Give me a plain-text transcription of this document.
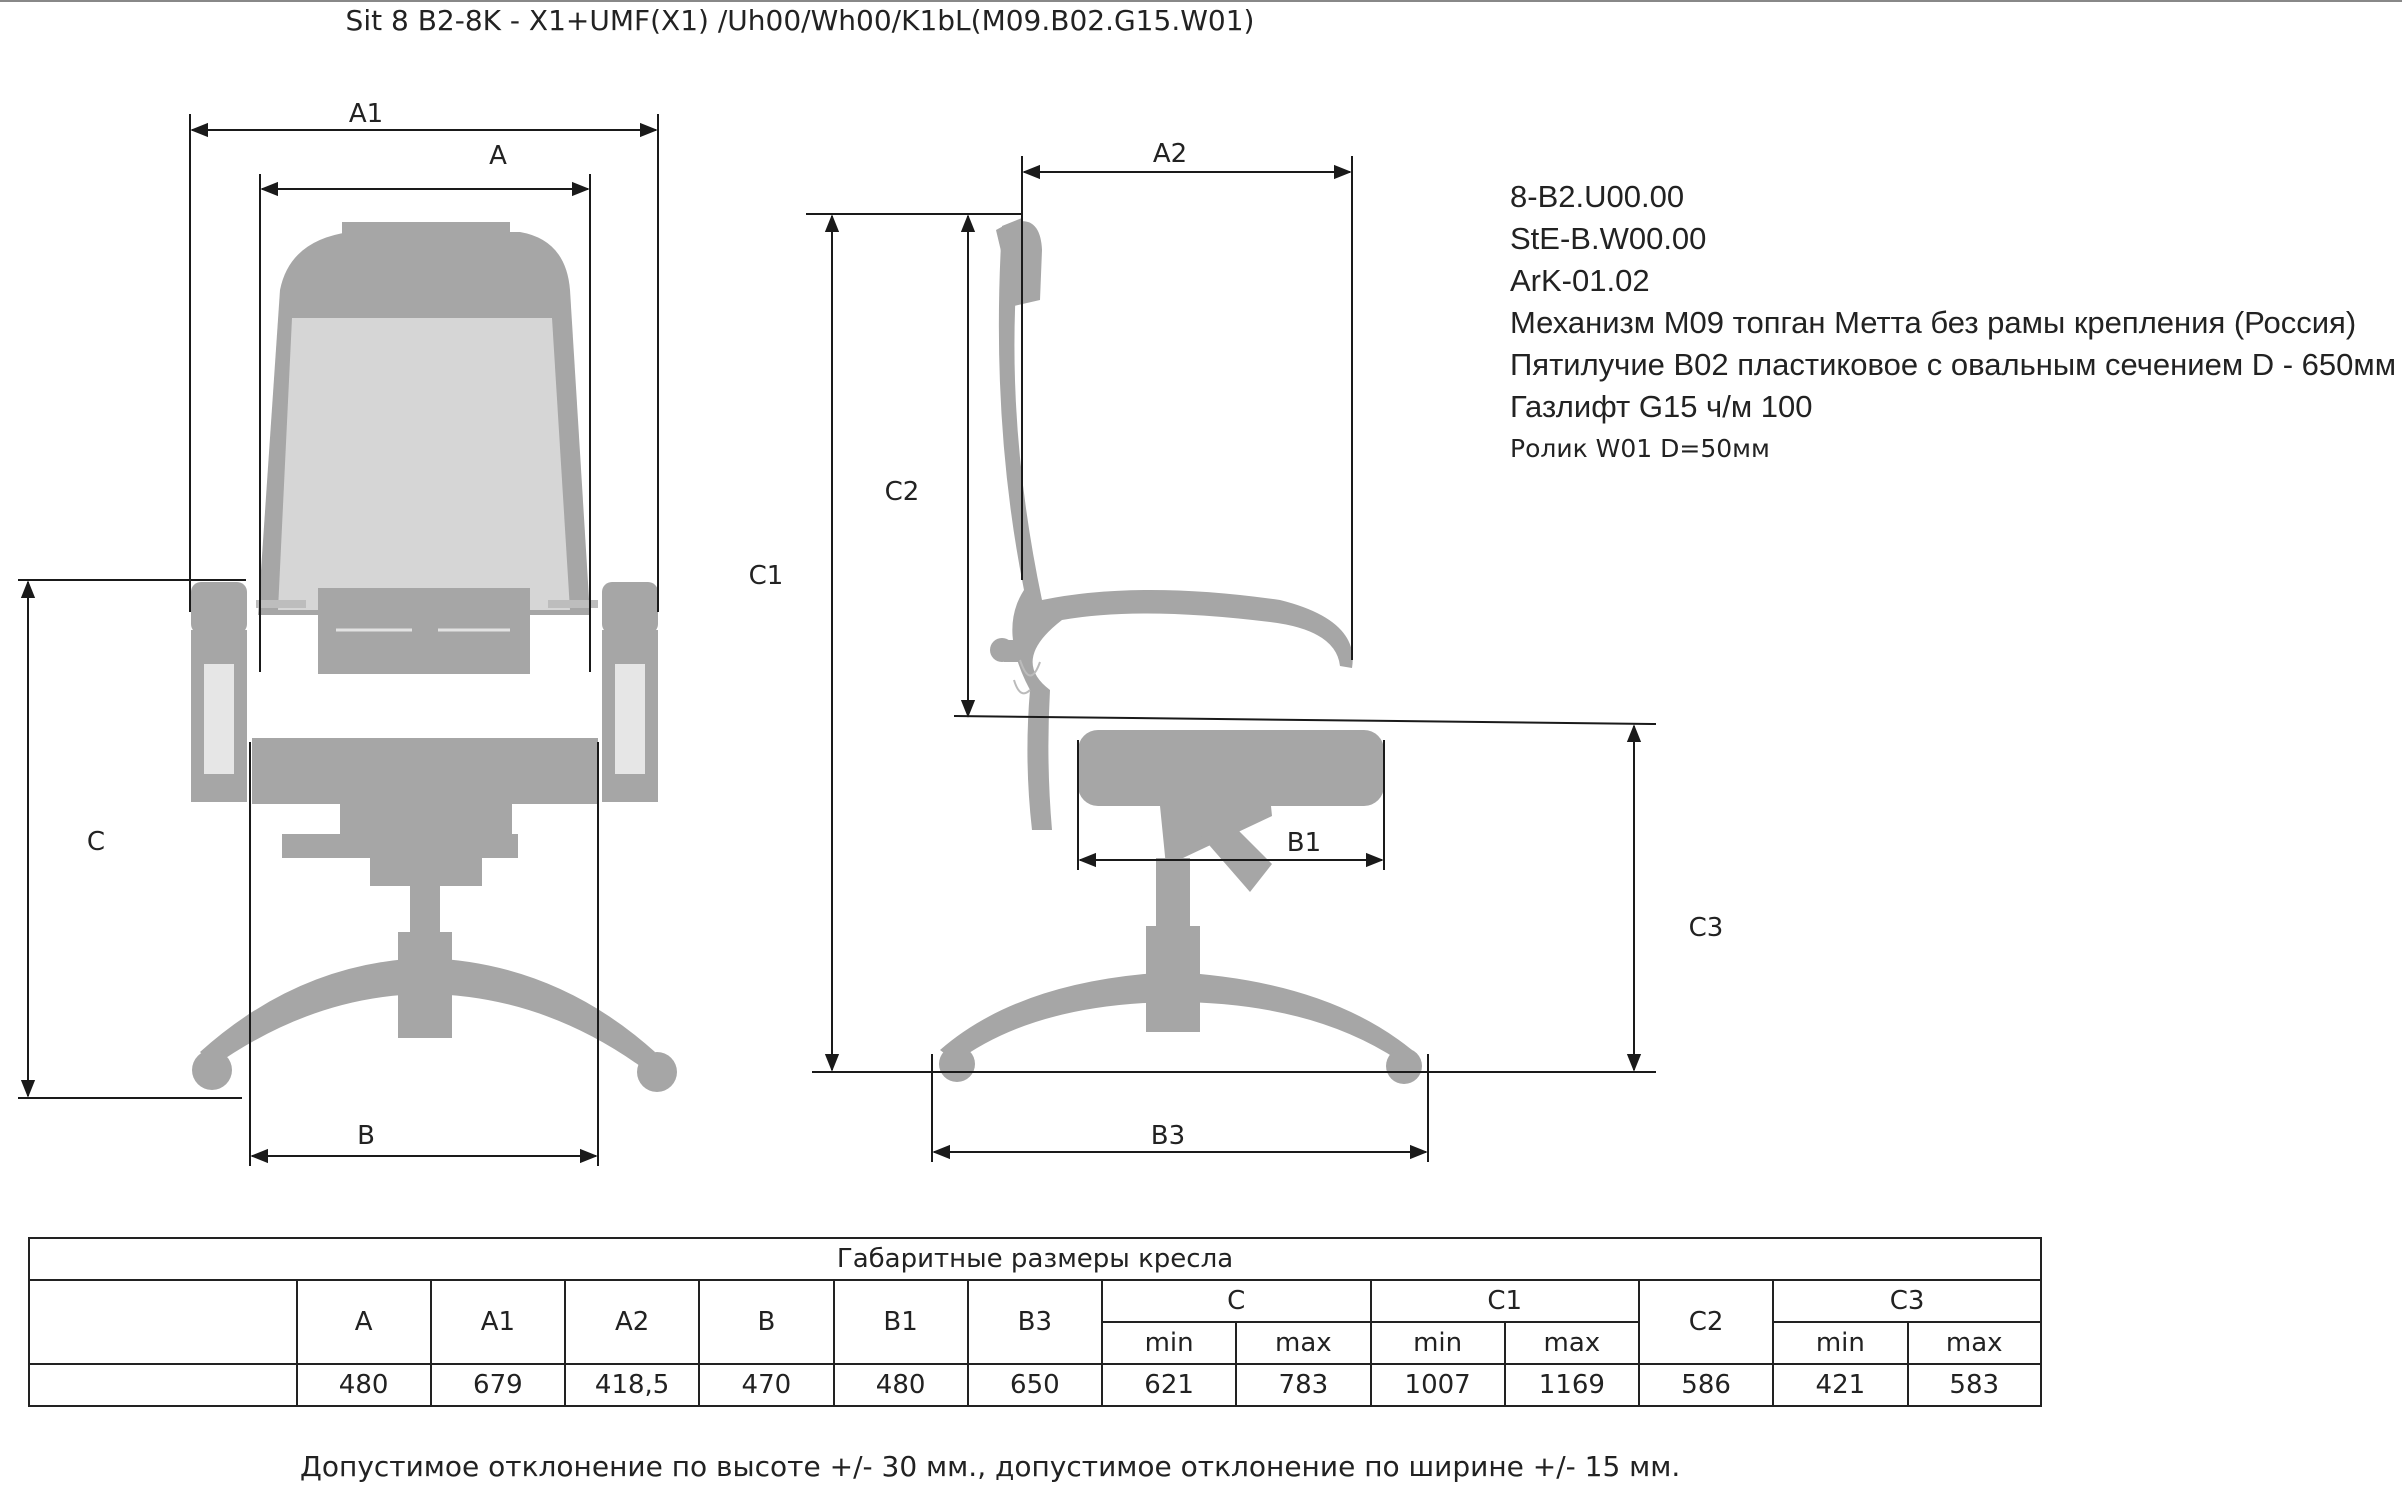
Sit 8 B2-8K - X1+UMF(X1) /Uh00/Wh00/K1bL(M09.B02.G15.W01)
A1
A
C
B
A2
C1
C2
C3
B1
B3
8-B2.U00.00
StE-B.W00.00
ArK-01.02
Механизм М09 топган Метта без рамы крепления (Россия)
Пятилучие В02 пластиковое с овальным сечением D - 650мм
Газлифт G15 ч/м 100
Ролик W01 D=50мм
Габаритные размеры кресла													
	A	A1	A2	B	B1	B3	C		C1		C2	C3	
							min	max	min	max		min	max
	480	679	418,5	470	480	650	621	783	1007	1169	586	421	583
Допустимое отклонение по высоте +/- 30 мм., допустимое отклонение по ширине +/- 15 мм.
